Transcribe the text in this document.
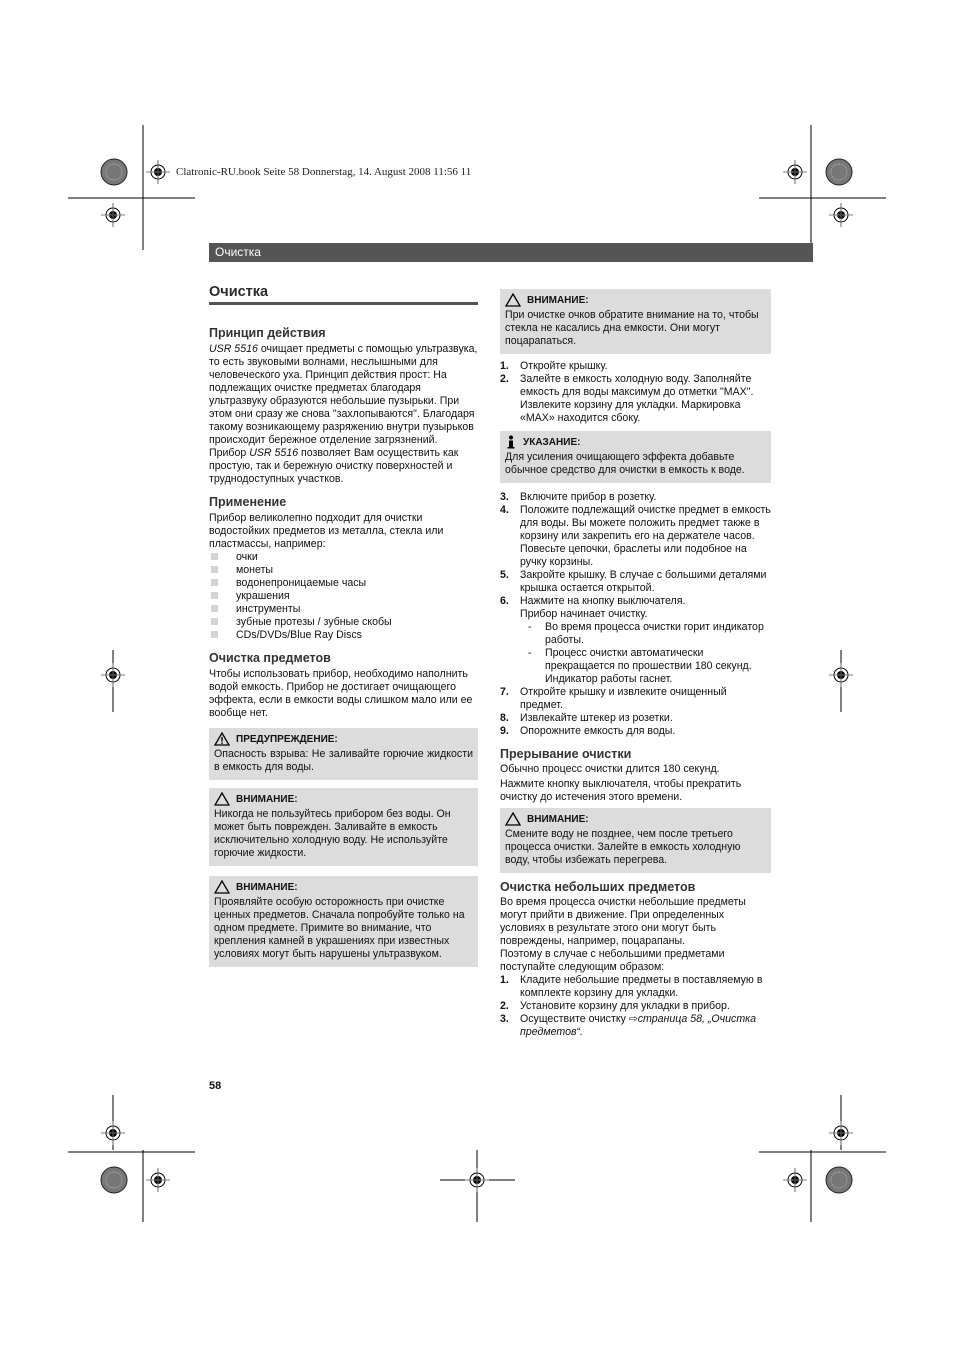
Clatronic-RU.book Seite 58 Donnerstag, 14. August 2008 11:56 11
Очистка
Очистка
Принцип действия

USR 5516 очищает предметы с помощью ультразвука, то есть звуковыми волнами, неслышными для человеческого уха. Принцип действия прост: На подлежащих очистке предметах благодаря ультразвуку образуются небольшие пузырьки. При этом они сразу же снова "захлопываются". Благодаря такому возникающему разряжению внутри пузырьков происходит бережное отделение загрязнений.

Прибор USR 5516 позволяет Вам осуществить как простую, так и бережную очистку поверхностей и труднодоступных участков.

Применение

Прибор великолепно подходит для очистки водостойких предметов из металла, стекла или пластмассы, например:

очки
монеты
водонепроницаемые часы
украшения
инструменты
зубные протезы / зубные скобы
CDs/DVDs/Blue Ray Discs
Очистка предметов

Чтобы использовать прибор, необходимо наполнить водой емкость. Прибор не достигает очищающего эффекта, если в емкости воды слишком мало или ее вообще нет.

ПРЕДУПРЕЖДЕНИЕ:

Опасность взрыва: Не заливайте горючие жидкости в емкость для воды.

ВНИМАНИЕ:

Никогда не пользуйтесь прибором без воды. Он может быть поврежден. Заливайте в емкость исключительно холодную воду. Не используйте горючие жидкости.

ВНИМАНИЕ:

Проявляйте особую осторожность при очистке ценных предметов. Сначала попробуйте только на одном предмете. Примите во внимание, что крепления камней в украшениях при известных условиях могут быть нарушены ультразвуком.

ВНИМАНИЕ:

При очистке очков обратите внимание на то, чтобы стекла не касались дна емкости. Они могут поцарапаться.

1. Откройте крышку.
2. Залейте в емкость холодную воду. Заполняйте емкость для воды максимум до отметки "MAX". Извлеките корзину для укладки. Маркировка «MAX» находится сбоку.
УКАЗАНИЕ:

Для усиления очищающего эффекта добавьте обычное средство для очистки в емкость к воде.

3. Включите прибор в розетку.
4. Положите подлежащий очистке предмет в емкость для воды. Вы можете положить предмет также в корзину или закрепить его на держателе часов. Повесьте цепочки, браслеты или подобное на ручку корзины.
5. Закройте крышку. В случае с большими деталями крышка остается открытой.
6. Нажмите на кнопку выключателя.
Прибор начинает очистку.
- Во время процесса очистки горит индикатор работы.
- Процесс очистки автоматически прекращается по прошествии 180 секунд. Индикатор работы гаснет.
7. Откройте крышку и извлеките очищенный предмет.
8. Извлекайте штекер из розетки.
9. Опорожните емкость для воды.
Прерывание очистки

Обычно процесс очистки длится 180 секунд.

Нажмите кнопку выключателя, чтобы прекратить очистку до истечения этого времени.

ВНИМАНИЕ:

Смените воду не позднее, чем после третьего процесса очистки. Залейте в емкость холодную воду, чтобы избежать перегрева.

Очистка небольших предметов

Во время процесса очистки небольшие предметы могут прийти в движение. При определенных условиях в результате этого они могут быть повреждены, например, поцарапаны.

Поэтому в случае с небольшими предметами поступайте следующим образом:

1. Кладите небольшие предметы в поставляемую в комплекте корзину для укладки.
2. Установите корзину для укладки в прибор.
3. Осуществите очистку ⇨страница 58, „Очистка предметов“.
58
